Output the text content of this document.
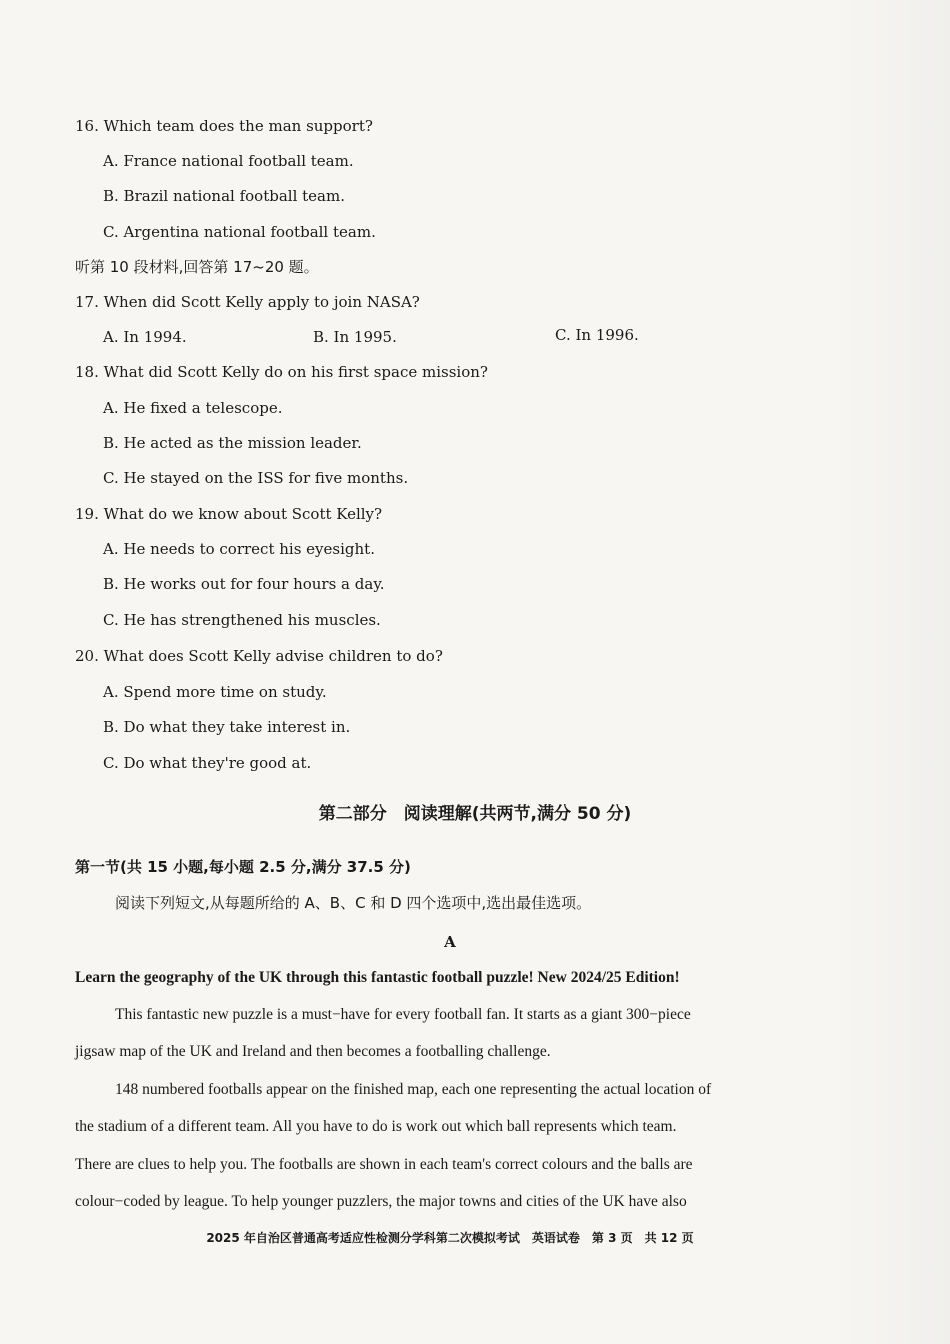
16. Which team does the man support?
A. France national football team.
B. Brazil national football team.
C. Argentina national football team.
听第 10 段材料,回答第 17~20 题。
17. When did Scott Kelly apply to join NASA?
A. In 1994.	B. In 1995.	C. In 1996.
18. What did Scott Kelly do on his first space mission?
A. He fixed a telescope.
B. He acted as the mission leader.
C. He stayed on the ISS for five months.
19. What do we know about Scott Kelly?
A. He needs to correct his eyesight.
B. He works out for four hours a day.
C. He has strengthened his muscles.
20. What does Scott Kelly advise children to do?
A. Spend more time on study.
B. Do what they take interest in.
C. Do what they're good at.
第二部分　阅读理解(共两节,满分 50 分)
第一节(共 15 小题,每小题 2.5 分,满分 37.5 分)
阅读下列短文,从每题所给的 A、B、C 和 D 四个选项中,选出最佳选项。
A
Learn the geography of the UK through this fantastic football puzzle! New 2024/25 Edition!
This fantastic new puzzle is a must−have for every football fan. It starts as a giant 300−piece
jigsaw map of the UK and Ireland and then becomes a footballing challenge.
148 numbered footballs appear on the finished map, each one representing the actual location of
the stadium of a different team. All you have to do is work out which ball represents which team.
There are clues to help you. The footballs are shown in each team's correct colours and the balls are
colour−coded by league. To help younger puzzlers, the major towns and cities of the UK have also
2025 年自治区普通高考适应性检测分学科第二次模拟考试　英语试卷　第 3 页　共 12 页
